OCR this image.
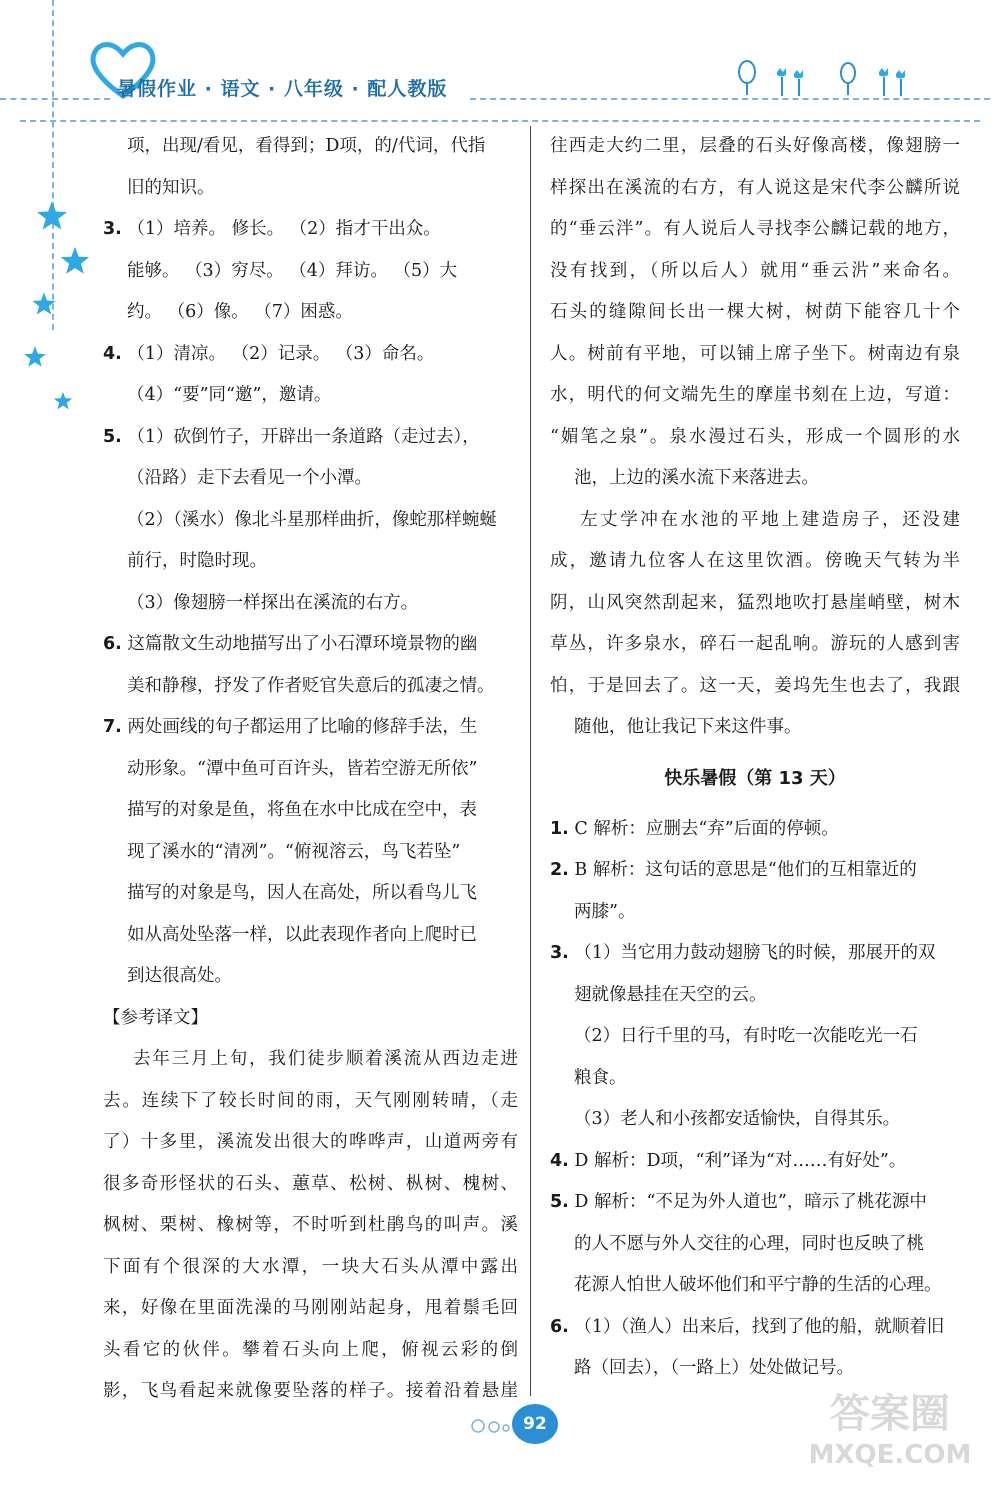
暑假作业 · 语文 · 八年级 · 配人教版
项，出现/看见，看得到；D项，的/代词，代指
旧的知识。
3. （1）培养。 修长。 （2）指才干出众。
能够。 （3）穷尽。 （4）拜访。 （5）大
约。 （6）像。 （7）困惑。
4. （1）清凉。 （2）记录。 （3）命名。
（4）“要”同“邀”，邀请。
5. （1）砍倒竹子，开辟出一条道路（走过去），
（沿路）走下去看见一个小潭。
（2）（溪水）像北斗星那样曲折，像蛇那样蜿蜒
前行，时隐时现。
（3）像翅膀一样探出在溪流的右方。
6. 这篇散文生动地描写出了小石潭环境景物的幽
美和静穆，抒发了作者贬官失意后的孤凄之情。
7. 两处画线的句子都运用了比喻的修辞手法，生
动形象。“潭中鱼可百许头，皆若空游无所依”
描写的对象是鱼，将鱼在水中比成在空中，表
现了溪水的“清冽”。“俯视溶云，鸟飞若坠”
描写的对象是鸟，因人在高处，所以看鸟儿飞
如从高处坠落一样，以此表现作者向上爬时已
到达很高处。
【参考译文】
去年三月上旬，我们徒步顺着溪流从西边走进
去。连续下了较长时间的雨，天气刚刚转晴，（走
了）十多里，溪流发出很大的哗哗声，山道两旁有
很多奇形怪状的石头、蕙草、松树、枞树、槐树、
枫树、栗树、橡树等，不时听到杜鹃鸟的叫声。溪
下面有个很深的大水潭，一块大石头从潭中露出
来，好像在里面洗澡的马刚刚站起身，甩着鬃毛回
头看它的伙伴。攀着石头向上爬，俯视云彩的倒
影，飞鸟看起来就像要坠落的样子。接着沿着悬崖
往西走大约二里，层叠的石头好像高楼，像翅膀一
样探出在溪流的右方，有人说这是宋代李公麟所说
的“垂云泮”。有人说后人寻找李公麟记载的地方，
没有找到，（所以后人）就用“垂云沜”来命名。
石头的缝隙间长出一棵大树，树荫下能容几十个
人。树前有平地，可以铺上席子坐下。树南边有泉
水，明代的何文端先生的摩崖书刻在上边，写道：
“媚笔之泉”。泉水漫过石头，形成一个圆形的水
池，上边的溪水流下来落进去。
左丈学冲在水池的平地上建造房子，还没建
成，邀请九位客人在这里饮酒。傍晚天气转为半
阴，山风突然刮起来，猛烈地吹打悬崖峭壁，树木
草丛，许多泉水，碎石一起乱响。游玩的人感到害
怕，于是回去了。这一天，姜坞先生也去了，我跟
随他，他让我记下来这件事。
快乐暑假（第 13 天）
1. C 解析：应删去“弃”后面的停顿。
2. B 解析：这句话的意思是“他们的互相靠近的
两膝”。
3. （1）当它用力鼓动翅膀飞的时候，那展开的双
翅就像悬挂在天空的云。
（2）日行千里的马，有时吃一次能吃光一石
粮食。
（3）老人和小孩都安适愉快，自得其乐。
4. D 解析：D项，“利”译为“对……有好处”。
5. D 解析：“不足为外人道也”，暗示了桃花源中
的人不愿与外人交往的心理，同时也反映了桃
花源人怕世人破坏他们和平宁静的生活的心理。
6. （1）（渔人）出来后，找到了他的船，就顺着旧
路（回去），（一路上）处处做记号。
92	答案圈
MXQE.COM
